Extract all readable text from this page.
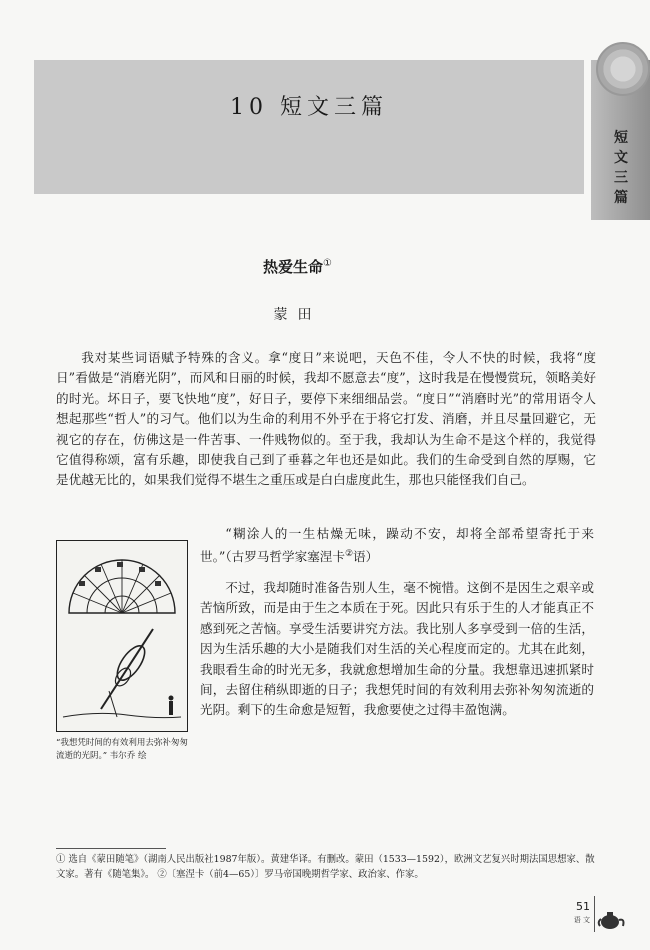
10 短文三篇
短文三篇
热爱生命①
蒙田
我对某些词语赋予特殊的含义。拿“度日”来说吧，天色不佳，令人不快的时候，我将“度日”看做是“消磨光阴”，而风和日丽的时候，我却不愿意去“度”，这时我是在慢慢赏玩，领略美好的时光。坏日子，要飞快地“度”，好日子，要停下来细细品尝。“度日”“消磨时光”的常用语令人想起那些“哲人”的习气。他们以为生命的利用不外乎在于将它打发、消磨，并且尽量回避它，无视它的存在，仿佛这是一件苦事、一件贱物似的。至于我，我却认为生命不是这个样的，我觉得它值得称颂，富有乐趣，即使我自己到了垂暮之年也还是如此。我们的生命受到自然的厚赐，它是优越无比的，如果我们觉得不堪生之重压或是白白虚度此生，那也只能怪我们自己。
“糊涂人的一生枯燥无味，躁动不安，却将全部希望寄托于来世。”（古罗马哲学家塞涅卡②语）
不过，我却随时准备告别人生，毫不惋惜。这倒不是因生之艰辛或苦恼所致，而是由于生之本质在于死。因此只有乐于生的人才能真正不感到死之苦恼。享受生活要讲究方法。我比别人多享受到一倍的生活，因为生活乐趣的大小是随我们对生活的关心程度而定的。尤其在此刻，我眼看生命的时光无多，我就愈想增加生命的分量。我想靠迅速抓紧时间，去留住稍纵即逝的日子；我想凭时间的有效利用去弥补匆匆流逝的光阴。剩下的生命愈是短暂，我愈要使之过得丰盈饱满。
“我想凭时间的有效利用去弥补匆匆流逝的光阴。” 韦尔乔 绘
① 选自《蒙田随笔》（湖南人民出版社1987年版）。黄建华译。有删改。蒙田（1533—1592），欧洲文艺复兴时期法国思想家、散文家。著有《随笔集》。 ②〔塞涅卡（前4—65）〕罗马帝国晚期哲学家、政治家、作家。
51
语 文
